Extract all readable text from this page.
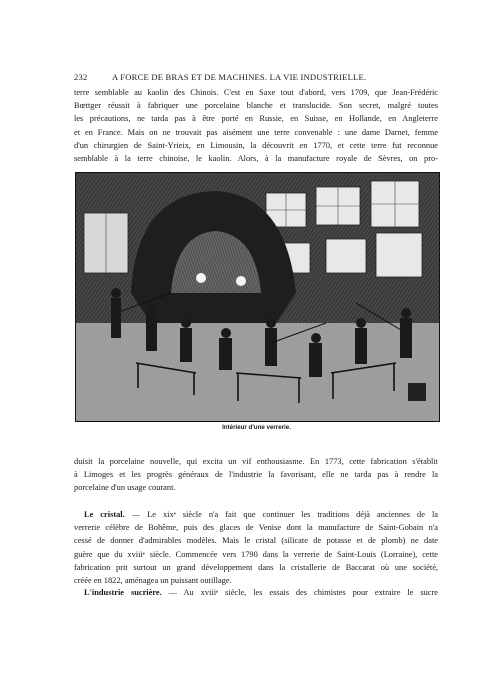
232	A FORCE DE BRAS ET DE MACHINES. LA VIE INDUSTRIELLE.
terre semblable au kaolin des Chinois. C'est en Saxe tout d'abord, vers 1709, que Jean-Frédéric
Bœttger réussit à fabriquer une porcelaine blanche et translucide. Son secret, malgré toutes
les précautions, ne tarda pas à être porté en Russie, en Suisse, en Hollande, en Angleterre
et en France. Mais on ne trouvait pas aisément une terre convenable : une dame Darnet, femme
d'un chirurgien de Saint-Yrieix, en Limousin, la découvrit en 1770, et cette terre fut reconnue
semblable à la terre chinoise, le kaolin. Alors, à la manufacture royale de Sèvres, on pro-
Intérieur d'une verrerie.
duisit la porcelaine nouvelle, qui excita un vif enthousiasme. En 1773, cette fabrication s'établit
à Limoges et les progrès généraux de l'industrie la favorisant, elle ne tarda pas à rendre la
porcelaine d'un usage courant.
Le cristal. — Le xixᵉ siècle n'a fait que continuer les traditions déjà anciennes de la
verrerie célèbre de Bohême, puis des glaces de Venise dont la manufacture de Saint-Gobain n'a
cessé de donner d'admirables modèles. Mais le cristal (silicate de potasse et de plomb) ne date
guère que du xviiiᵉ siècle. Commencée vers 1790 dans la verrerie de Saint-Louis (Lorraine), cette
fabrication prit surtout un grand développement dans la cristallerie de Baccarat où une société,
créée en 1822, aménagea un puissant outillage.
L'industrie sucrière. — Au xviiiᵉ siècle, les essais des chimistes pour extraire le sucre
